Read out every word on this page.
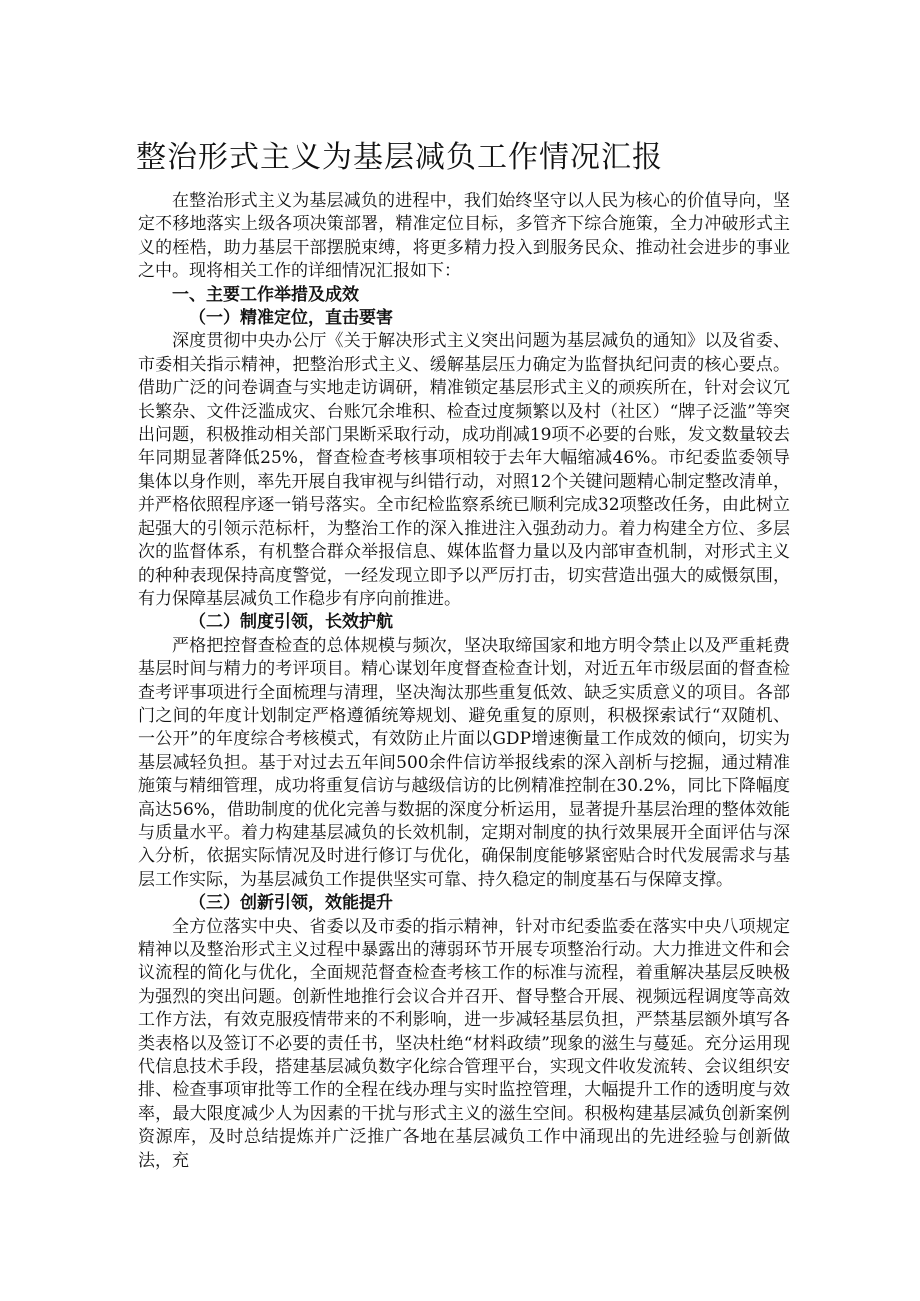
整治形式主义为基层减负工作情况汇报

在整治形式主义为基层减负的进程中，我们始终坚守以人民为核心的价值导向，坚定不移地落实上级各项决策部署，精准定位目标，多管齐下综合施策，全力冲破形式主义的桎梏，助力基层干部摆脱束缚，将更多精力投入到服务民众、推动社会进步的事业之中。现将相关工作的详细情况汇报如下：

一、主要工作举措及成效

（一）精准定位，直击要害

深度贯彻中央办公厅《关于解决形式主义突出问题为基层减负的通知》以及省委、市委相关指示精神，把整治形式主义、缓解基层压力确定为监督执纪问责的核心要点。借助广泛的问卷调查与实地走访调研，精准锁定基层形式主义的顽疾所在，针对会议冗长繁杂、文件泛滥成灾、台账冗余堆积、检查过度频繁以及村（社区）“牌子泛滥”等突出问题，积极推动相关部门果断采取行动，成功削减19项不必要的台账，发文数量较去年同期显著降低25%，督查检查考核事项相较于去年大幅缩减46%。市纪委监委领导集体以身作则，率先开展自我审视与纠错行动，对照12个关键问题精心制定整改清单，并严格依照程序逐一销号落实。全市纪检监察系统已顺利完成32项整改任务，由此树立起强大的引领示范标杆，为整治工作的深入推进注入强劲动力。着力构建全方位、多层次的监督体系，有机整合群众举报信息、媒体监督力量以及内部审查机制，对形式主义的种种表现保持高度警觉，一经发现立即予以严厉打击，切实营造出强大的威慑氛围，有力保障基层减负工作稳步有序向前推进。

（二）制度引领，长效护航

严格把控督查检查的总体规模与频次，坚决取缔国家和地方明令禁止以及严重耗费基层时间与精力的考评项目。精心谋划年度督查检查计划，对近五年市级层面的督查检查考评事项进行全面梳理与清理，坚决淘汰那些重复低效、缺乏实质意义的项目。各部门之间的年度计划制定严格遵循统筹规划、避免重复的原则，积极探索试行“双随机、一公开”的年度综合考核模式，有效防止片面以GDP增速衡量工作成效的倾向，切实为基层减轻负担。基于对过去五年间500余件信访举报线索的深入剖析与挖掘，通过精准施策与精细管理，成功将重复信访与越级信访的比例精准控制在30.2%，同比下降幅度高达56%，借助制度的优化完善与数据的深度分析运用，显著提升基层治理的整体效能与质量水平。着力构建基层减负的长效机制，定期对制度的执行效果展开全面评估与深入分析，依据实际情况及时进行修订与优化，确保制度能够紧密贴合时代发展需求与基层工作实际，为基层减负工作提供坚实可靠、持久稳定的制度基石与保障支撑。

（三）创新引领，效能提升

全方位落实中央、省委以及市委的指示精神，针对市纪委监委在落实中央八项规定精神以及整治形式主义过程中暴露出的薄弱环节开展专项整治行动。大力推进文件和会议流程的简化与优化，全面规范督查检查考核工作的标准与流程，着重解决基层反映极为强烈的突出问题。创新性地推行会议合并召开、督导整合开展、视频远程调度等高效工作方法，有效克服疫情带来的不利影响，进一步减轻基层负担，严禁基层额外填写各类表格以及签订不必要的责任书，坚决杜绝“材料政绩”现象的滋生与蔓延。充分运用现代信息技术手段，搭建基层减负数字化综合管理平台，实现文件收发流转、会议组织安排、检查事项审批等工作的全程在线办理与实时监控管理，大幅提升工作的透明度与效率，最大限度减少人为因素的干扰与形式主义的滋生空间。积极构建基层减负创新案例资源库，及时总结提炼并广泛推广各地在基层减负工作中涌现出的先进经验与创新做法，充
